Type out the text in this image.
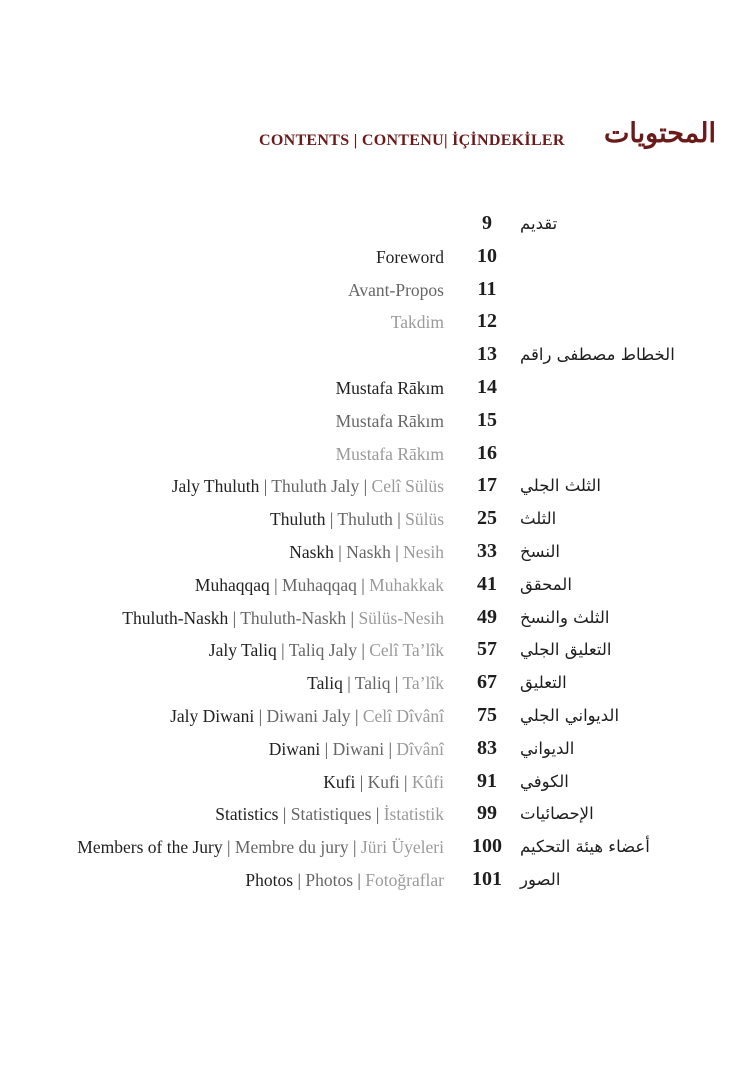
CONTENTS | CONTENU| İÇİNDEKİLER المحتويات
9	تقديم
Foreword	10
Avant-Propos	11
Takdim	12
13	الخطاط مصطفى راقم
Mustafa Rākım	14
Mustafa Rākım	15
Mustafa Rākım	16
Jaly Thuluth | Thuluth Jaly | Celî Sülüs	17	الثلث الجلي
Thuluth | Thuluth | Sülüs	25	الثلث
Naskh | Naskh | Nesih	33	النسخ
Muhaqqaq | Muhaqqaq | Muhakkak	41	المحقق
Thuluth-Naskh | Thuluth-Naskh | Sülüs-Nesih	49	الثلث والنسخ
Jaly Taliq | Taliq Jaly | Celî Ta’lîk	57	التعليق الجلي
Taliq | Taliq | Ta’lîk	67	التعليق
Jaly Diwani | Diwani Jaly | Celî Dîvânî	75	الديواني الجلي
Diwani | Diwani | Dîvânî	83	الديواني
Kufi | Kufi | Kûfi	91	الكوفي
Statistics | Statistiques | İstatistik	99	الإحصائيات
Members of the Jury | Membre du jury | Jüri Üyeleri	100	أعضاء هيئة التحكيم
Photos | Photos | Fotoğraflar	101	الصور
